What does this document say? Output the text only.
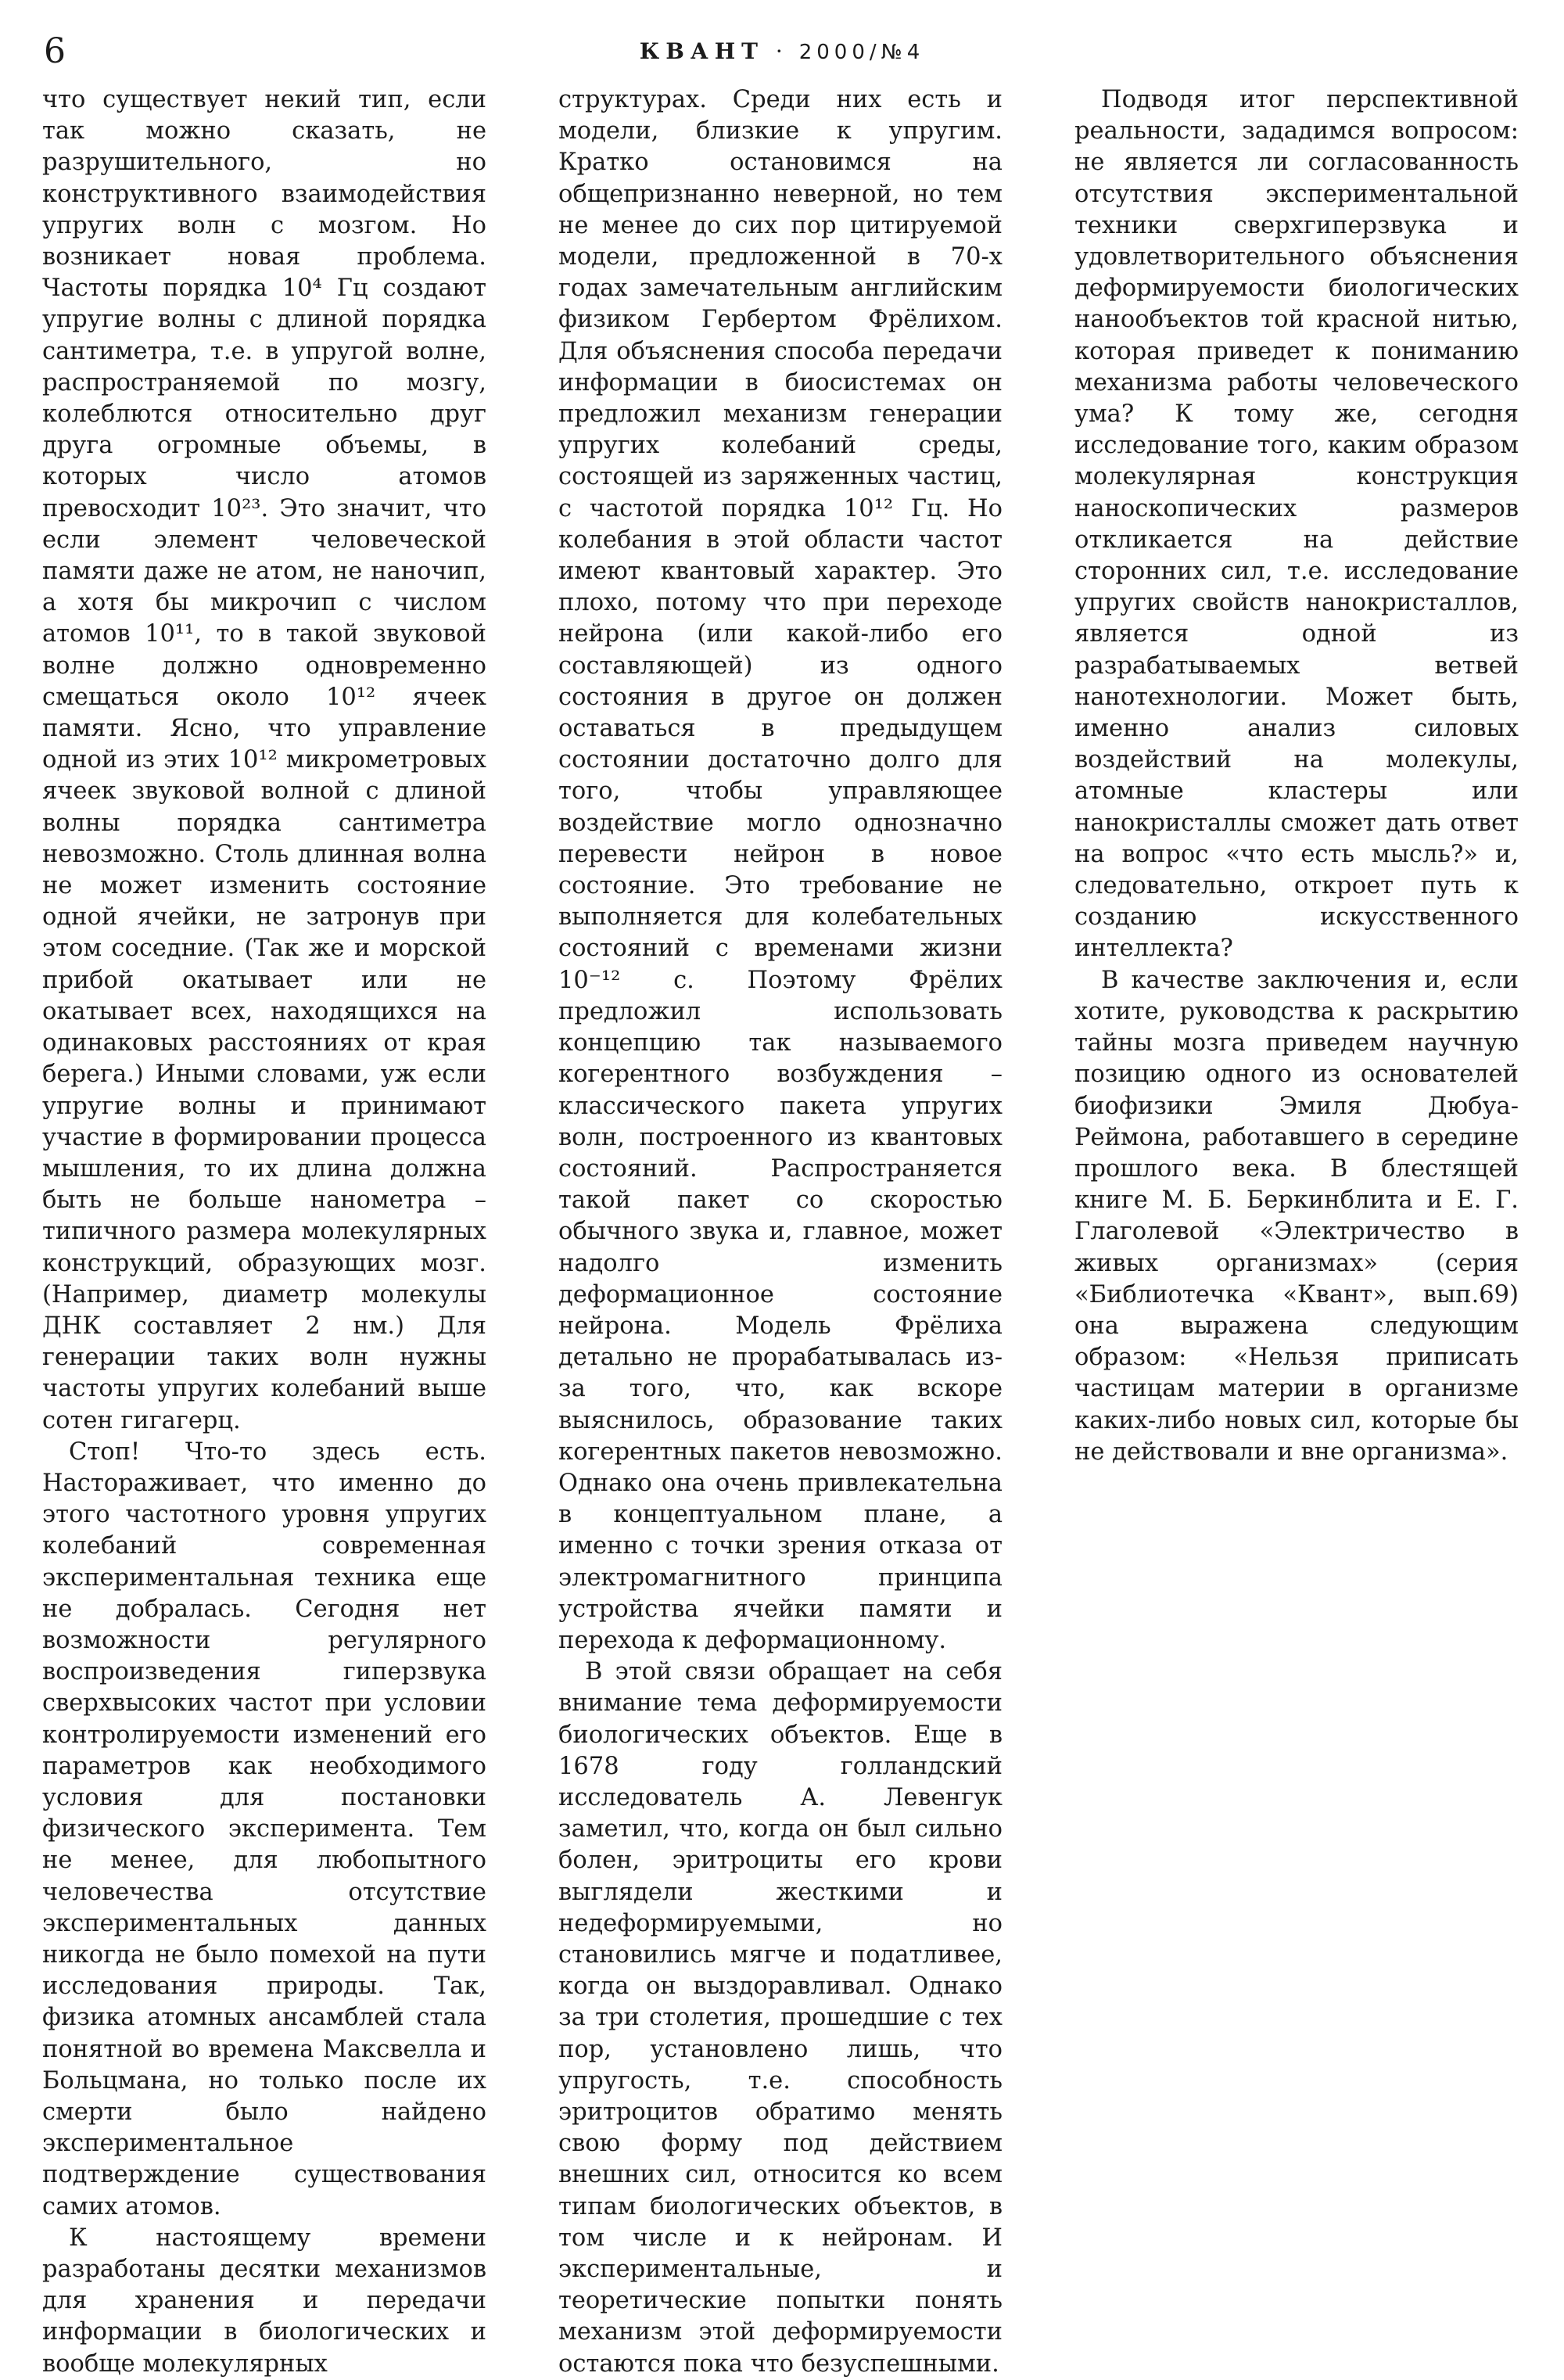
6	КВАНТ · 2000/№4

что существует некий тип, если так можно сказать, не разрушительного, но конструктивного взаимодействия упругих волн с мозгом. Но возникает новая проблема. Частоты порядка 10⁴ Гц создают упругие волны с длиной порядка сантиметра, т.е. в упругой волне, распространяемой по мозгу, колеблются относительно друг друга огромные объемы, в которых число атомов превосходит 10²³. Это значит, что если элемент человеческой памяти даже не атом, не наночип, а хотя бы микрочип с числом атомов 10¹¹, то в такой звуковой волне должно одновременно смещаться около 10¹² ячеек памяти. Ясно, что управление одной из этих 10¹² микрометровых ячеек звуковой волной с длиной волны порядка сантиметра невозможно. Столь длинная волна не может изменить состояние одной ячейки, не затронув при этом соседние. (Так же и морской прибой окатывает или не окатывает всех, находящихся на одинаковых расстояниях от края берега.) Иными словами, уж если упругие волны и принимают участие в формировании процесса мышления, то их длина должна быть не больше нанометра – типичного размера молекулярных конструкций, образующих мозг. (Например, диаметр молекулы ДНК составляет 2 нм.) Для генерации таких волн нужны частоты упругих колебаний выше сотен гигагерц.

Стоп! Что-то здесь есть. Настораживает, что именно до этого частотного уровня упругих колебаний современная экспериментальная техника еще не добралась. Сегодня нет возможности регулярного воспроизведения гиперзвука сверхвысоких частот при условии контролируемости изменений его параметров как необходимого условия для постановки физического эксперимента. Тем не менее, для любопытного человечества отсутствие экспериментальных данных никогда не было помехой на пути исследования природы. Так, физика атомных ансамблей стала понятной во времена Максвелла и Больцмана, но только после их смерти было найдено экспериментальное подтверждение существования самих атомов.

К настоящему времени разработаны десятки механизмов для хранения и передачи информации в биологических и вообще молекулярных

структурах. Среди них есть и модели, близкие к упругим. Кратко остановимся на общепризнанно неверной, но тем не менее до сих пор цитируемой модели, предложенной в 70-х годах замечательным английским физиком Гербертом Фрёлихом. Для объяснения способа передачи информации в биосистемах он предложил механизм генерации упругих колебаний среды, состоящей из заряженных частиц, с частотой порядка 10¹² Гц. Но колебания в этой области частот имеют квантовый характер. Это плохо, потому что при переходе нейрона (или какой-либо его составляющей) из одного состояния в другое он должен оставаться в предыдущем состоянии достаточно долго для того, чтобы управляющее воздействие могло однозначно перевести нейрон в новое состояние. Это требование не выполняется для колебательных состояний с временами жизни 10⁻¹² с. Поэтому Фрёлих предложил использовать концепцию так называемого когерентного возбуждения – классического пакета упругих волн, построенного из квантовых состояний. Распространяется такой пакет со скоростью обычного звука и, главное, может надолго изменить деформационное состояние нейрона. Модель Фрёлиха детально не прорабатывалась из-за того, что, как вскоре выяснилось, образование таких когерентных пакетов невозможно. Однако она очень привлекательна в концептуальном плане, а именно с точки зрения отказа от электромагнитного принципа устройства ячейки памяти и перехода к деформационному.

В этой связи обращает на себя внимание тема деформируемости биологических объектов. Еще в 1678 году голландский исследователь А. Левенгук заметил, что, когда он был сильно болен, эритроциты его крови выглядели жесткими и недеформируемыми, но становились мягче и податливее, когда он выздоравливал. Однако за три столетия, прошедшие с тех пор, установлено лишь, что упругость, т.е. способность эритроцитов обратимо менять свою форму под действием внешних сил, относится ко всем типам биологических объектов, в том числе и к нейронам. И экспериментальные, и теоретические попытки понять механизм этой деформируемости остаются пока что безуспешными.

Подводя итог перспективной реальности, зададимся вопросом: не является ли согласованность отсутствия экспериментальной техники сверхгиперзвука и удовлетворительного объяснения деформируемости биологических нанообъектов той красной нитью, которая приведет к пониманию механизма работы человеческого ума? К тому же, сегодня исследование того, каким образом молекулярная конструкция наноскопических размеров откликается на действие сторонних сил, т.е. исследование упругих свойств нанокристаллов, является одной из разрабатываемых ветвей нанотехнологии. Может быть, именно анализ силовых воздействий на молекулы, атомные кластеры или нанокристаллы сможет дать ответ на вопрос «что есть мысль?» и, следовательно, откроет путь к созданию искусственного интеллекта?

В качестве заключения и, если хотите, руководства к раскрытию тайны мозга приведем научную позицию одного из основателей биофизики Эмиля Дюбуа-Реймона, работавшего в середине прошлого века. В блестящей книге М. Б. Беркинблита и Е. Г. Глаголевой «Электричество в живых организмах» (серия «Библиотечка «Квант», вып.69) она выражена следующим образом: «Нельзя приписать частицам материи в организме каких-либо новых сил, которые бы не действовали и вне организма».
